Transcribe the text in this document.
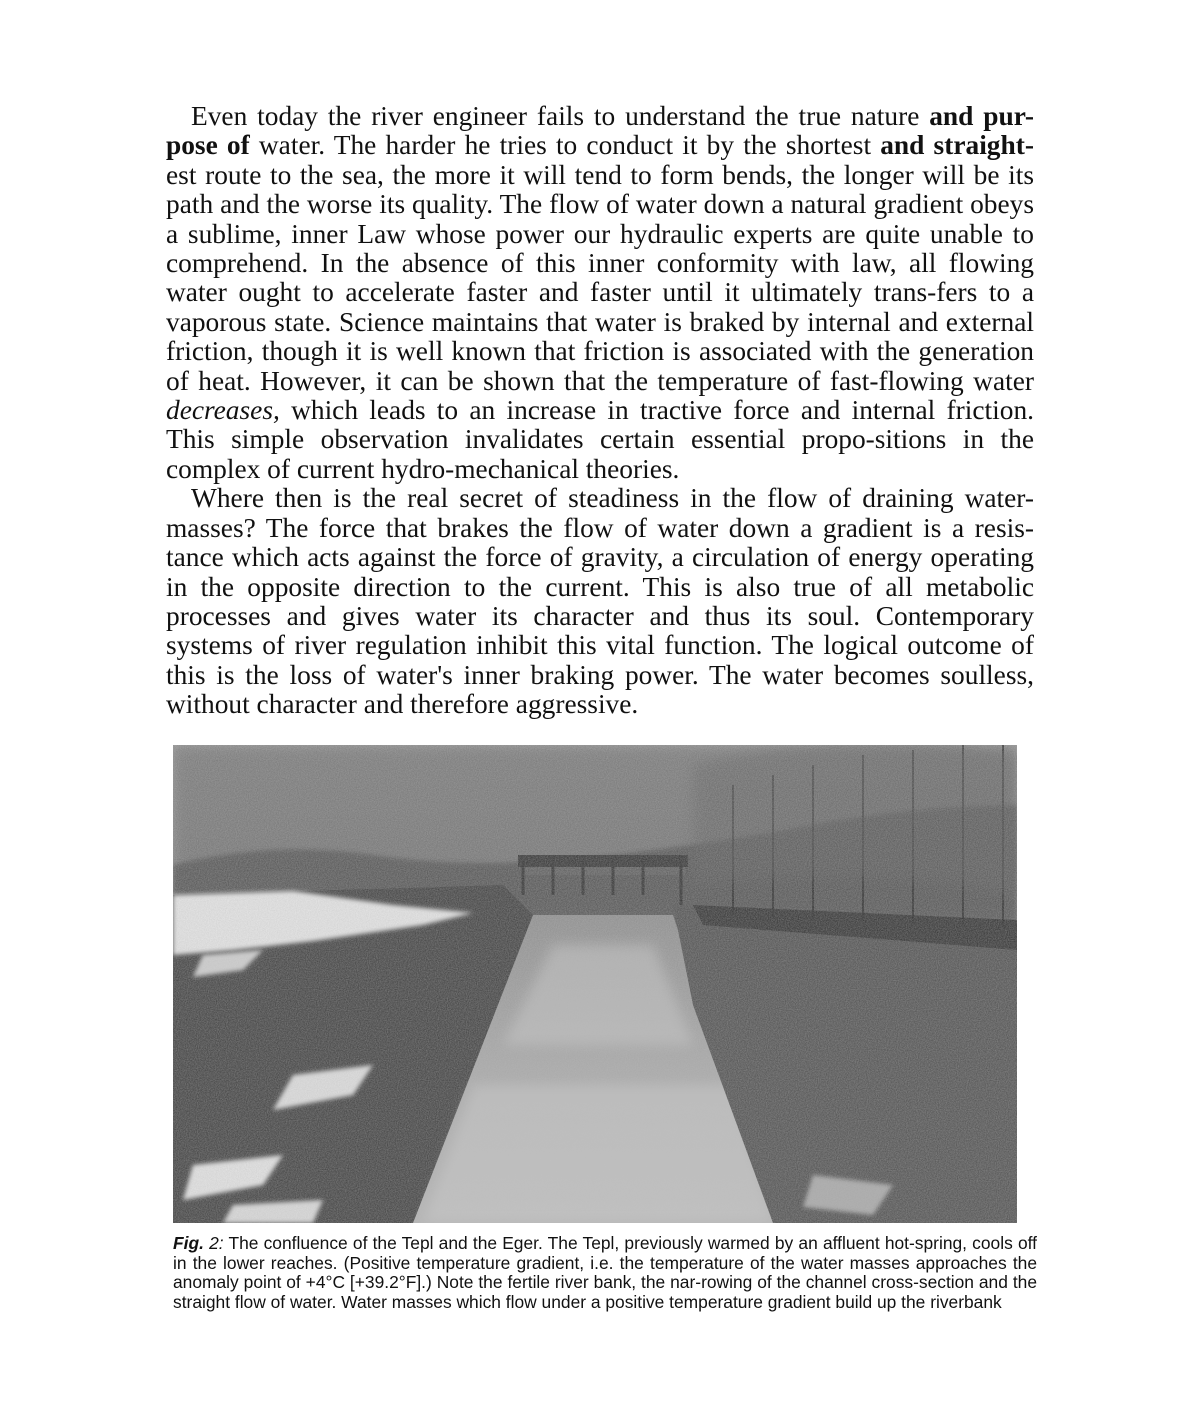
Even today the river engineer fails to understand the true nature and pur- pose of water. The harder he tries to conduct it by the shortest and straight- est route to the sea, the more it will tend to form bends, the longer will be its path and the worse its quality. The flow of water down a natural gradient obeys a sublime, inner Law whose power our hydraulic experts are quite unable to comprehend. In the absence of this inner conformity with law, all flowing water ought to accelerate faster and faster until it ultimately trans-fers to a vaporous state. Science maintains that water is braked by internal and external friction, though it is well known that friction is associated with the generation of heat. However, it can be shown that the temperature of fast-flowing water decreases, which leads to an increase in tractive force and internal friction. This simple observation invalidates certain essential propo-sitions in the complex of current hydro-mechanical theories.

Where then is the real secret of steadiness in the flow of draining water-masses? The force that brakes the flow of water down a gradient is a resis-tance which acts against the force of gravity, a circulation of energy operating in the opposite direction to the current. This is also true of all metabolic processes and gives water its character and thus its soul. Contemporary systems of river regulation inhibit this vital function. The logical outcome of this is the loss of water's inner braking power. The water becomes soulless, without character and therefore aggressive.

Fig. 2: The confluence of the Tepl and the Eger. The Tepl, previously warmed by an affluent hot-spring, cools off in the lower reaches. (Positive temperature gradient, i.e. the temperature of the water masses approaches the anomaly point of +4°C [+39.2°F].) Note the fertile river bank, the nar-rowing of the channel cross-section and the straight flow of water. Water masses which flow under a positive temperature gradient build up the riverbank
